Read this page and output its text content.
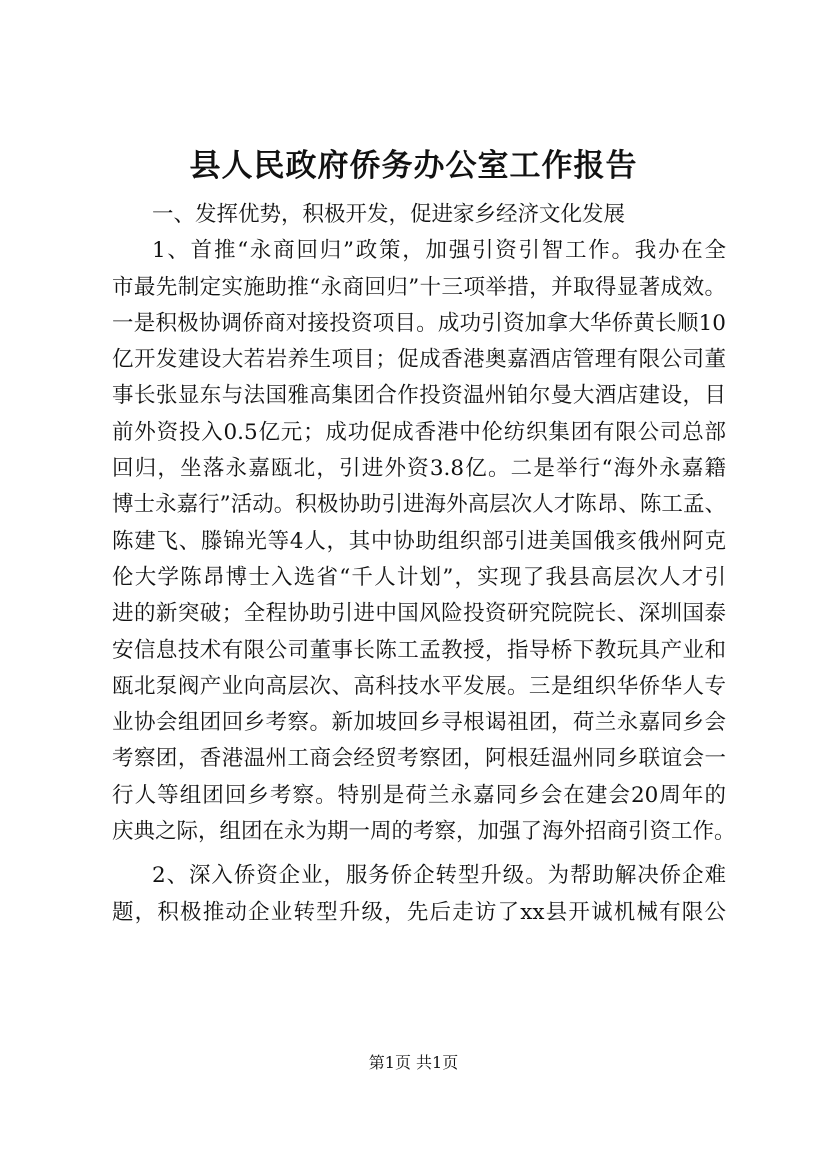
县人民政府侨务办公室工作报告
一、发挥优势，积极开发，促进家乡经济文化发展
1、首推“永商回归”政策，加强引资引智工作。我办在全
市最先制定实施助推“永商回归”十三项举措，并取得显著成效。
一是积极协调侨商对接投资项目。成功引资加拿大华侨黄长顺10
亿开发建设大若岩养生项目；促成香港奥嘉酒店管理有限公司董
事长张显东与法国雅高集团合作投资温州铂尔曼大酒店建设，目
前外资投入0.5亿元；成功促成香港中伦纺织集团有限公司总部
回归，坐落永嘉瓯北，引进外资3.8亿。二是举行“海外永嘉籍
博士永嘉行”活动。积极协助引进海外高层次人才陈昂、陈工孟、
陈建飞、滕锦光等4人，其中协助组织部引进美国俄亥俄州阿克
伦大学陈昂博士入选省“千人计划”，实现了我县高层次人才引
进的新突破；全程协助引进中国风险投资研究院院长、深圳国泰
安信息技术有限公司董事长陈工孟教授，指导桥下教玩具产业和
瓯北泵阀产业向高层次、高科技水平发展。三是组织华侨华人专
业协会组团回乡考察。新加坡回乡寻根谒祖团，荷兰永嘉同乡会
考察团，香港温州工商会经贸考察团，阿根廷温州同乡联谊会一
行人等组团回乡考察。特别是荷兰永嘉同乡会在建会20周年的
庆典之际，组团在永为期一周的考察，加强了海外招商引资工作。
2、深入侨资企业，服务侨企转型升级。为帮助解决侨企难
题，积极推动企业转型升级，先后走访了xx县开诚机械有限公
第1页 共1页
